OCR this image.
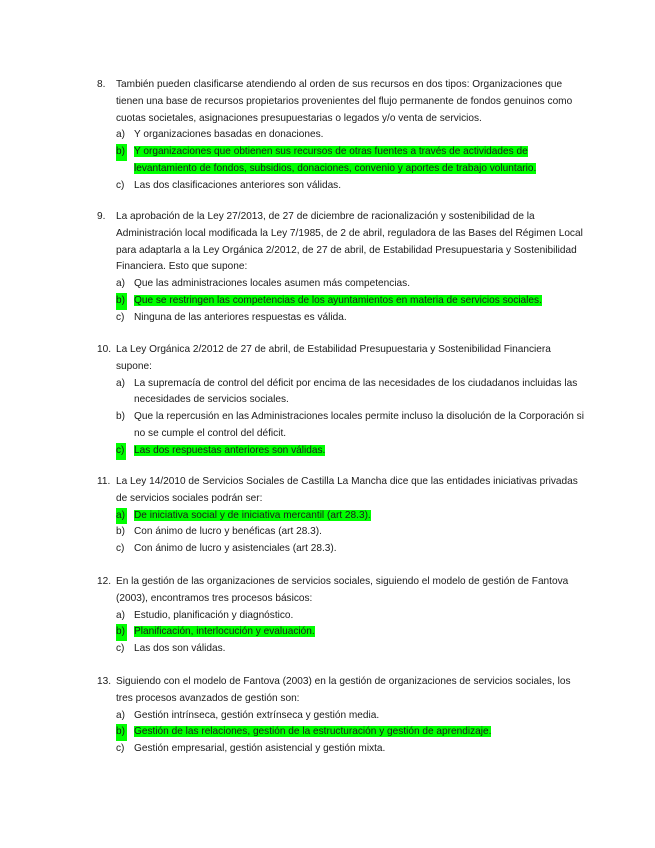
8. También pueden clasificarse atendiendo al orden de sus recursos en dos tipos: Organizaciones que tienen una base de recursos propietarios provenientes del flujo permanente de fondos genuinos como cuotas societales, asignaciones presupuestarias o legados y/o venta de servicios.
a) Y organizaciones basadas en donaciones.
b) Y organizaciones que obtienen sus recursos de otras fuentes a través de actividades de levantamiento de fondos, subsidios, donaciones, convenio y aportes de trabajo voluntario.
c) Las dos clasificaciones anteriores son válidas.
9. La aprobación de la Ley 27/2013, de 27 de diciembre de racionalización y sostenibilidad de la Administración local modificada la Ley 7/1985, de 2 de abril, reguladora de las Bases del Régimen Local para adaptarla a la Ley Orgánica 2/2012, de 27 de abril, de Estabilidad Presupuestaria y Sostenibilidad Financiera. Esto que supone:
a) Que las administraciones locales asumen más competencias.
b) Que se restringen las competencias de los ayuntamientos en materia de servicios sociales.
c) Ninguna de las anteriores respuestas es válida.
10. La Ley Orgánica 2/2012 de 27 de abril, de Estabilidad Presupuestaria y Sostenibilidad Financiera supone:
a) La supremacía de control del déficit por encima de las necesidades de los ciudadanos incluidas las necesidades de servicios sociales.
b) Que la repercusión en las Administraciones locales permite incluso la disolución de la Corporación si no se cumple el control del déficit.
c) Las dos respuestas anteriores son válidas.
11. La Ley 14/2010 de Servicios Sociales de Castilla La Mancha dice que las entidades iniciativas privadas de servicios sociales podrán ser:
a) De iniciativa social y de iniciativa mercantil (art 28.3).
b) Con ánimo de lucro y benéficas (art 28.3).
c) Con ánimo de lucro y asistenciales (art 28.3).
12. En la gestión de las organizaciones de servicios sociales, siguiendo el modelo de gestión de Fantova (2003), encontramos tres procesos básicos:
a) Estudio, planificación y diagnóstico.
b) Planificación, interlocución y evaluación.
c) Las dos son válidas.
13. Siguiendo con el modelo de Fantova (2003) en la gestión de organizaciones de servicios sociales, los tres procesos avanzados de gestión son:
a) Gestión intrínseca, gestión extrínseca y gestión media.
b) Gestión de las relaciones, gestión de la estructuración y gestión de aprendizaje.
c) Gestión empresarial, gestión asistencial y gestión mixta.
